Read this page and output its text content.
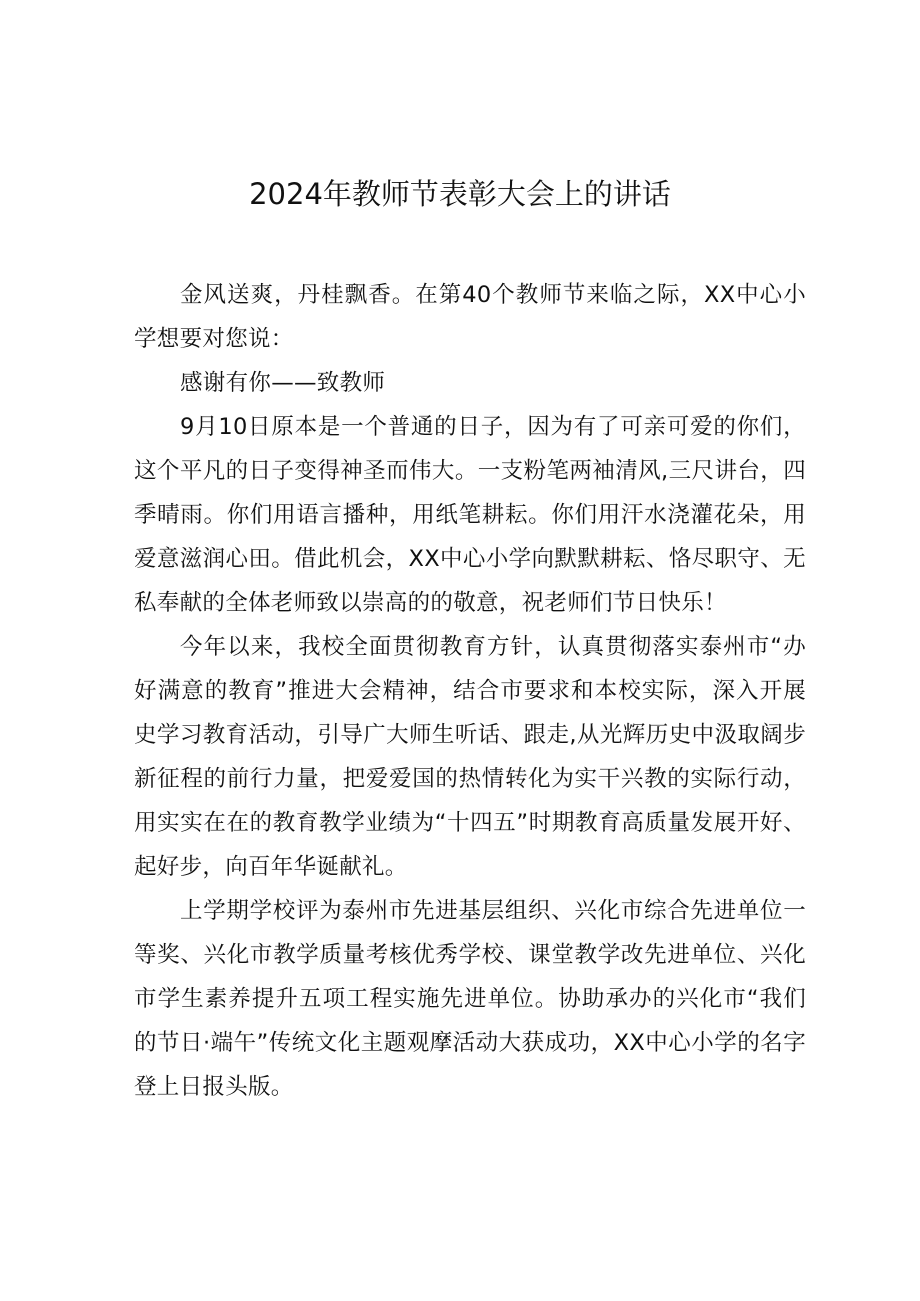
2024年教师节表彰大会上的讲话

金风送爽，丹桂飘香。在第40个教师节来临之际，XX中心小学想要对您说：

感谢有你——致教师

9月10日原本是一个普通的日子，因为有了可亲可爱的你们，这个平凡的日子变得神圣而伟大。一支粉笔两袖清风,三尺讲台，四季晴雨。你们用语言播种，用纸笔耕耘。你们用汗水浇灌花朵，用爱意滋润心田。借此机会，XX中心小学向默默耕耘、恪尽职守、无私奉献的全体老师致以崇高的的敬意，祝老师们节日快乐！

今年以来，我校全面贯彻教育方针，认真贯彻落实泰州市“办好满意的教育”推进大会精神，结合市要求和本校实际，深入开展史学习教育活动，引导广大师生听话、跟走,从光辉历史中汲取阔步新征程的前行力量，把爱爱国的热情转化为实干兴教的实际行动，用实实在在的教育教学业绩为“十四五”时期教育高质量发展开好、起好步，向百年华诞献礼。

上学期学校评为泰州市先进基层组织、兴化市综合先进单位一等奖、兴化市教学质量考核优秀学校、课堂教学改先进单位、兴化市学生素养提升五项工程实施先进单位。协助承办的兴化市“我们的节日·端午”传统文化主题观摩活动大获成功，XX中心小学的名字登上日报头版。
